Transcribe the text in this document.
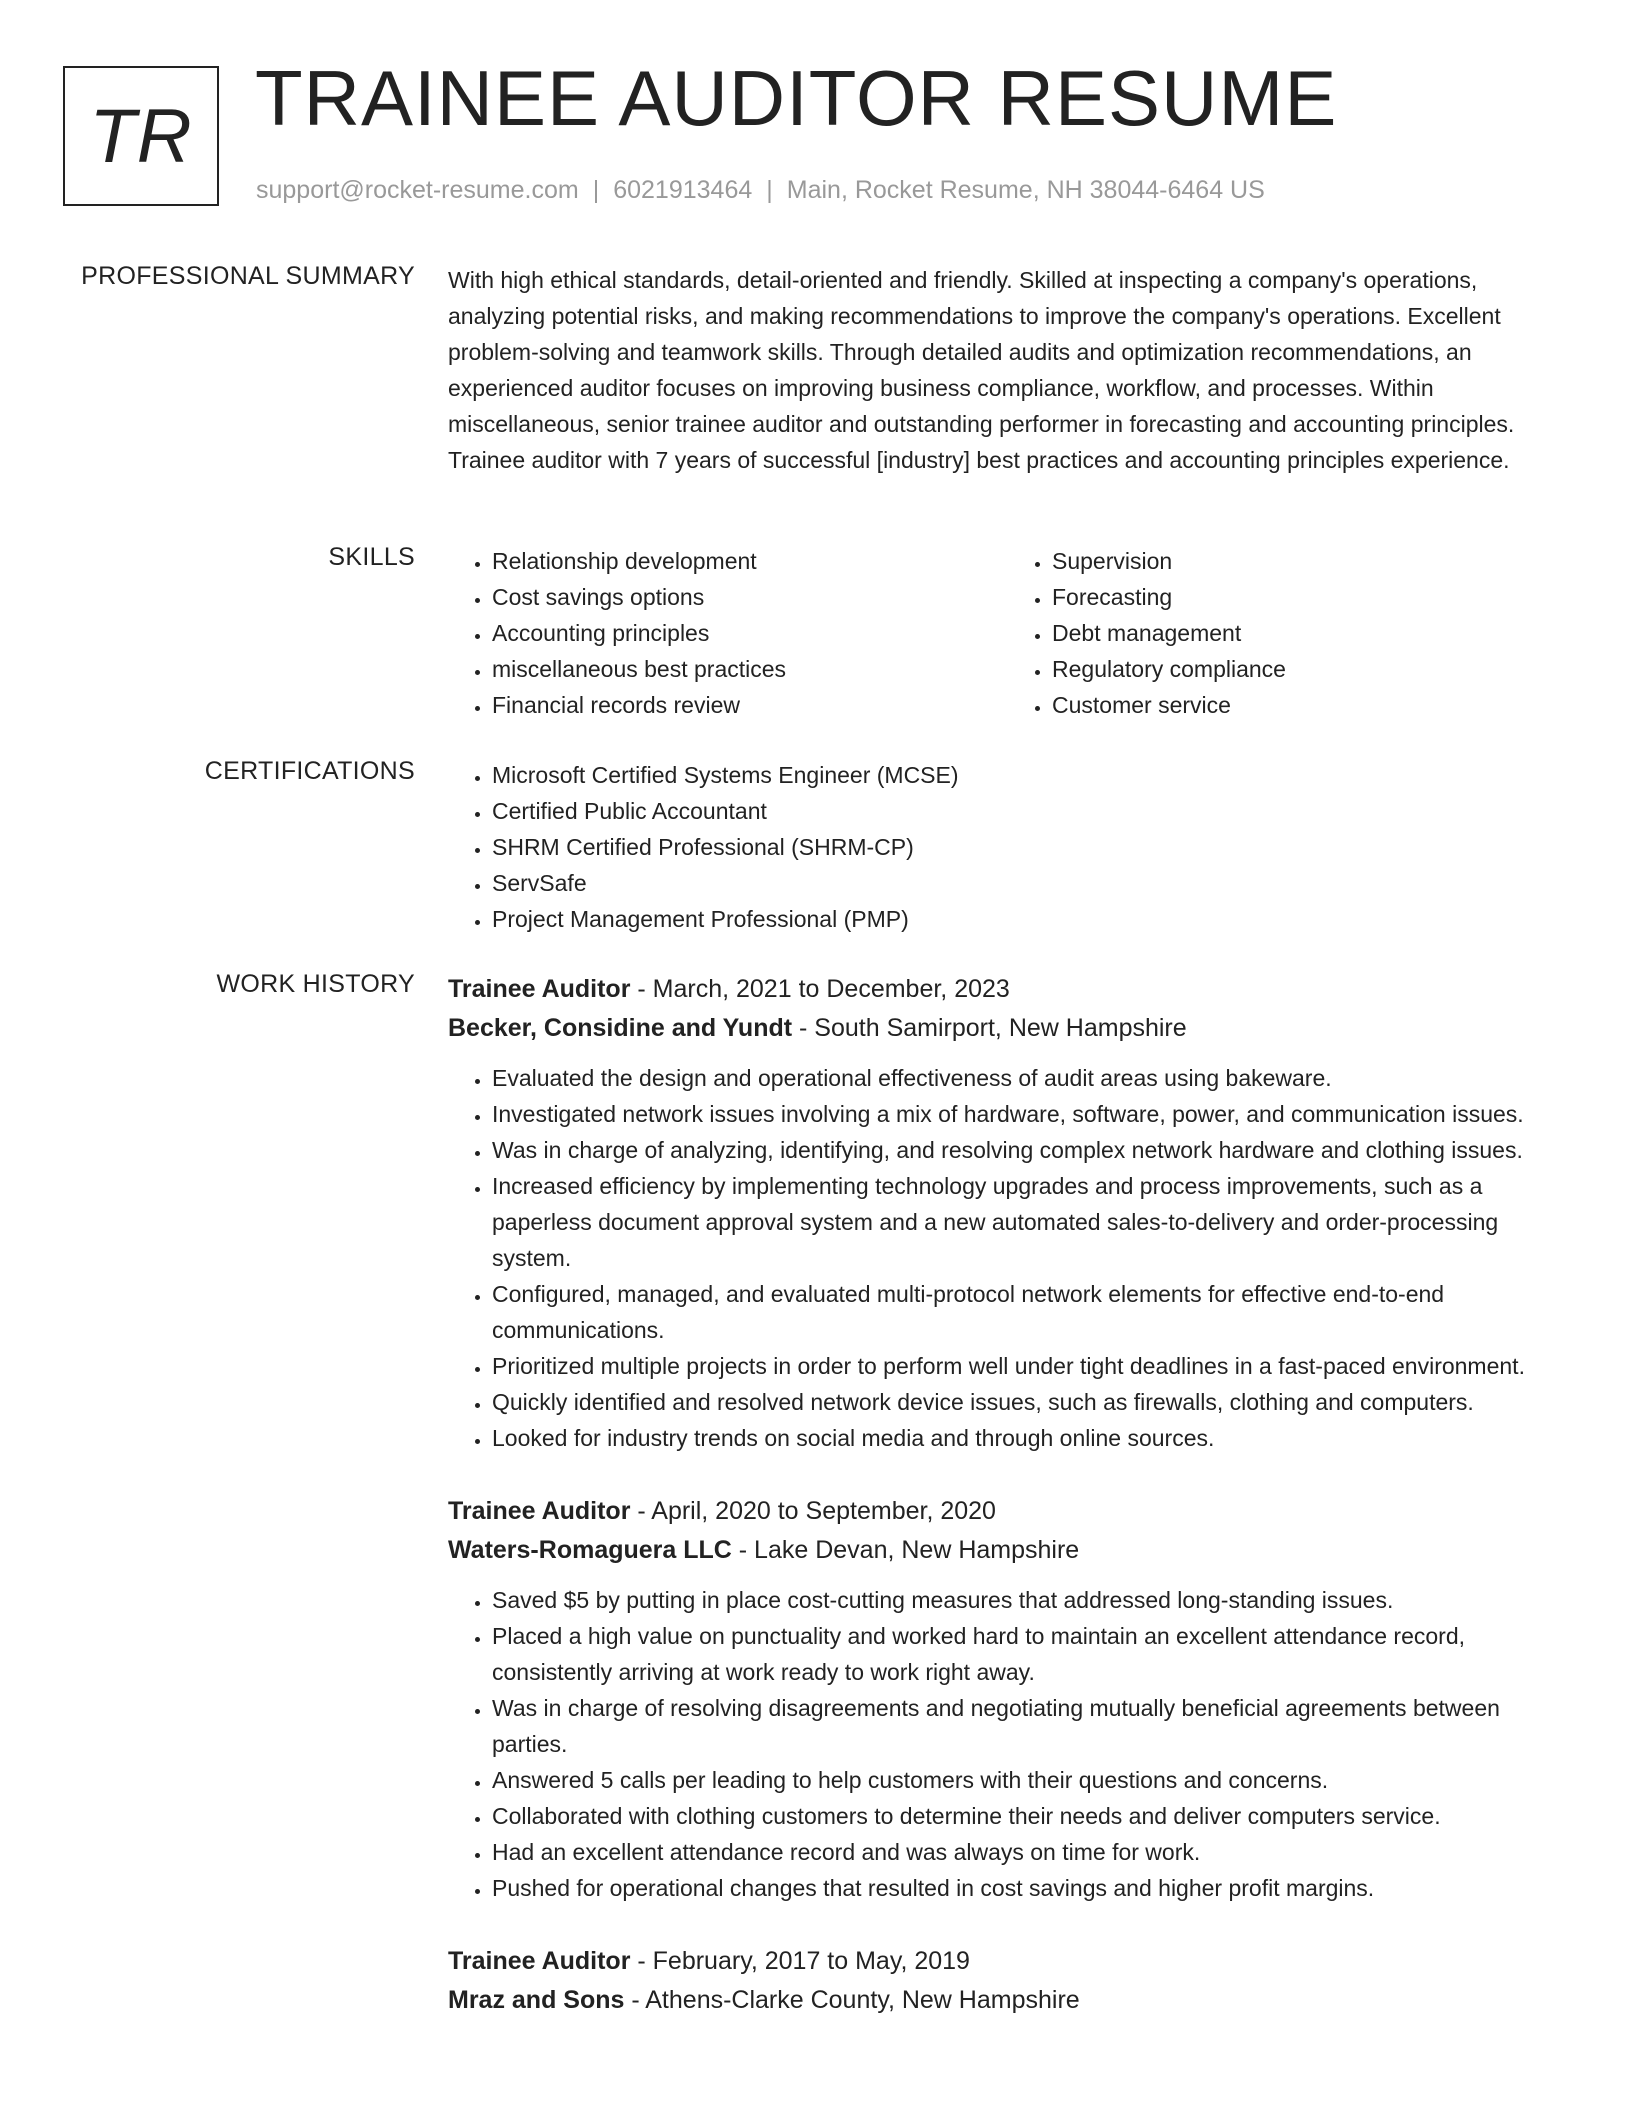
TR TRAINEE AUDITOR RESUME
support@rocket-resume.com | 6021913464 | Main, Rocket Resume, NH 38044-6464 US
PROFESSIONAL SUMMARY With high ethical standards, detail-oriented and friendly. Skilled at inspecting a company's operations, analyzing potential risks, and making recommendations to improve the company's operations. Excellent problem-solving and teamwork skills. Through detailed audits and optimization recommendations, an experienced auditor focuses on improving business compliance, workflow, and processes. Within miscellaneous, senior trainee auditor and outstanding performer in forecasting and accounting principles. Trainee auditor with 7 years of successful [industry] best practices and accounting principles experience.

SKILLS	• Relationship development
• Cost savings options
• Accounting principles
• miscellaneous best practices
• Financial records review
• Supervision
• Forecasting
• Debt management
• Regulatory compliance
• Customer service
CERTIFICATIONS	• Microsoft Certified Systems Engineer (MCSE)
• Certified Public Accountant
• SHRM Certified Professional (SHRM-CP)
• ServSafe
• Project Management Professional (PMP)
WORK HISTORY Trainee Auditor - March, 2021 to December, 2023
Becker, Considine and Yundt - South Samirport, New Hampshire
• Evaluated the design and operational effectiveness of audit areas using bakeware.
• Investigated network issues involving a mix of hardware, software, power, and communication issues.
• Was in charge of analyzing, identifying, and resolving complex network hardware and clothing issues.
• Increased efficiency by implementing technology upgrades and process improvements, such as a paperless document approval system and a new automated sales-to-delivery and order-processing system.
• Configured, managed, and evaluated multi-protocol network elements for effective end-to-end communications.
• Prioritized multiple projects in order to perform well under tight deadlines in a fast-paced environment.
• Quickly identified and resolved network device issues, such as firewalls, clothing and computers.
• Looked for industry trends on social media and through online sources.
Trainee Auditor - April, 2020 to September, 2020
Waters-Romaguera LLC - Lake Devan, New Hampshire
• Saved $5 by putting in place cost-cutting measures that addressed long-standing issues.
• Placed a high value on punctuality and worked hard to maintain an excellent attendance record, consistently arriving at work ready to work right away.
• Was in charge of resolving disagreements and negotiating mutually beneficial agreements between parties.
• Answered 5 calls per leading to help customers with their questions and concerns.
• Collaborated with clothing customers to determine their needs and deliver computers service.
• Had an excellent attendance record and was always on time for work.
• Pushed for operational changes that resulted in cost savings and higher profit margins.
Trainee Auditor - February, 2017 to May, 2019
Mraz and Sons - Athens-Clarke County, New Hampshire
